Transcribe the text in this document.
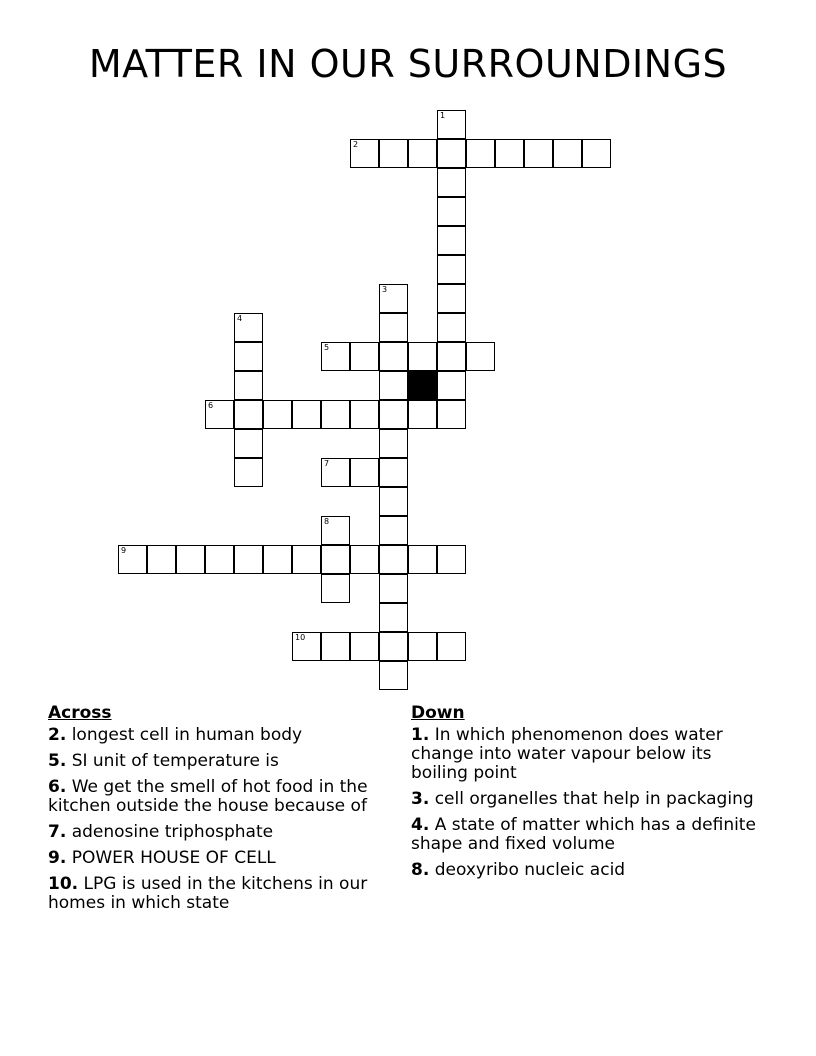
MATTER IN OUR SURROUNDINGS
1
2
3
4
5
6
7
8
9
10
Across
2. longest cell in human body
5. SI unit of temperature is
6. We get the smell of hot food in the kitchen outside the house because of
7. adenosine triphosphate
9. POWER HOUSE OF CELL
10. LPG is used in the kitchens in our homes in which state
Down
1. In which phenomenon does water change into water vapour below its boiling point
3. cell organelles that help in packaging
4. A state of matter which has a definite shape and fixed volume
8. deoxyribo nucleic acid
